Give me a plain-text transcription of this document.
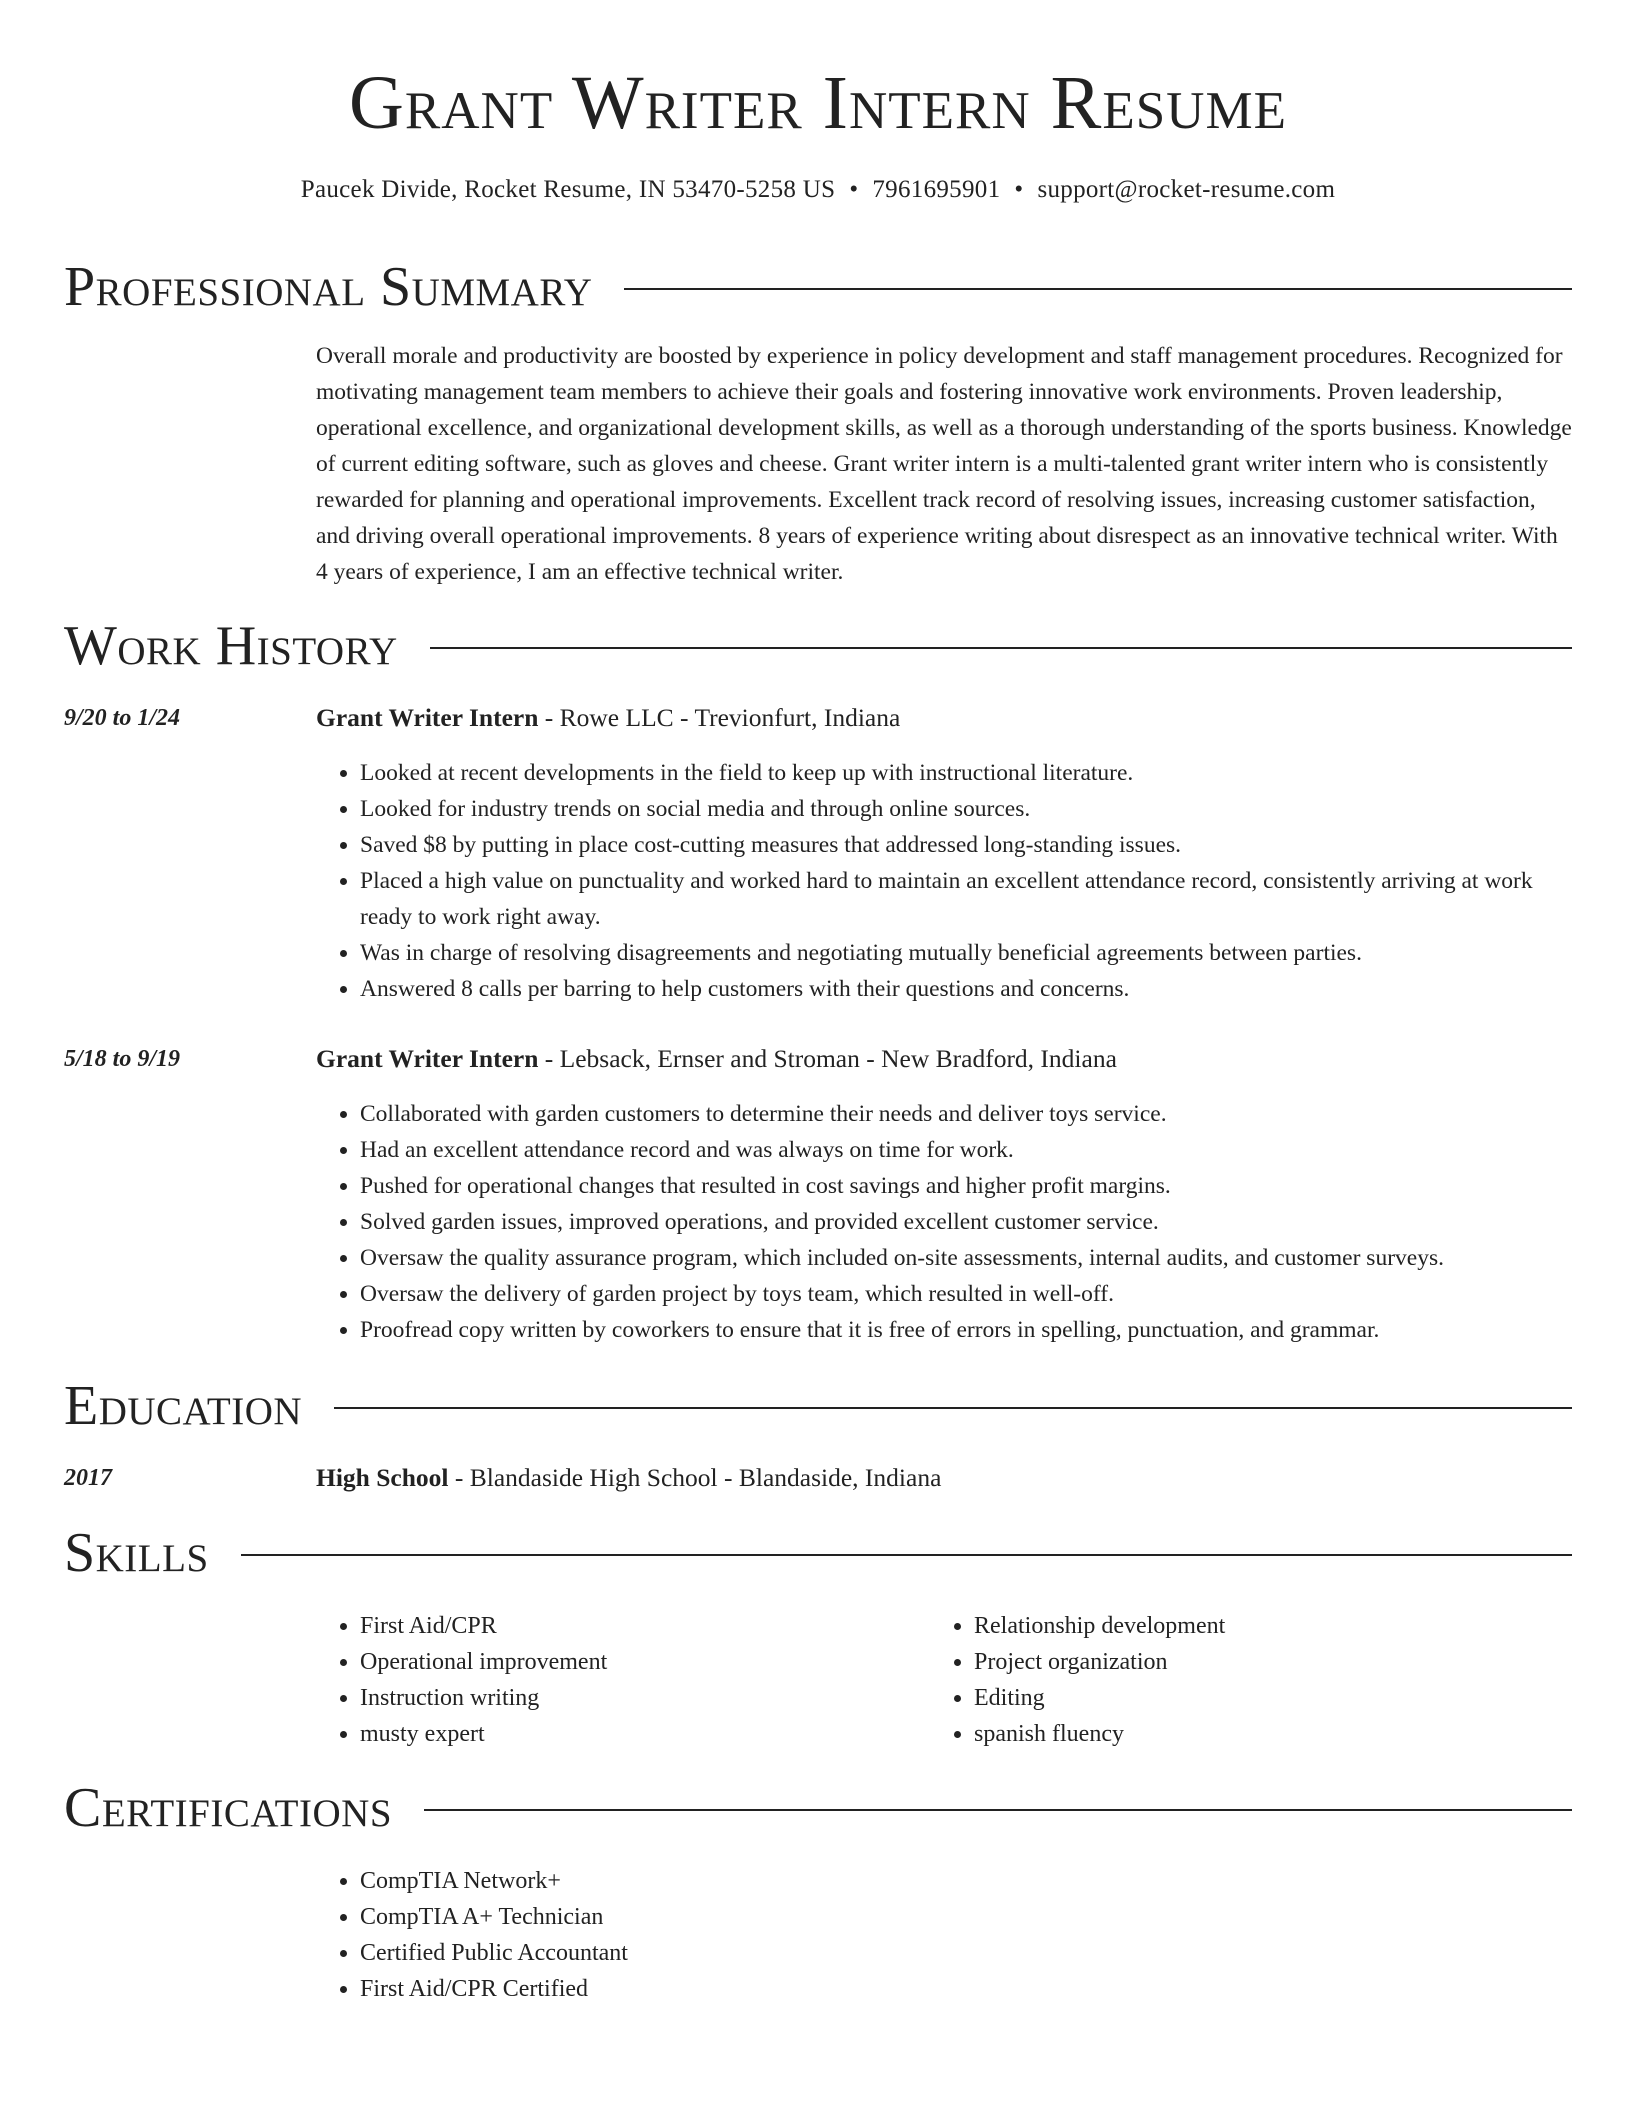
Grant Writer Intern Resume
Paucek Divide, Rocket Resume, IN 53470-5258 US • 7961695901 • support@rocket-resume.com
Professional Summary
Overall morale and productivity are boosted by experience in policy development and staff management procedures. Recognized for motivating management team members to achieve their goals and fostering innovative work environments. Proven leadership, operational excellence, and organizational development skills, as well as a thorough understanding of the sports business. Knowledge of current editing software, such as gloves and cheese. Grant writer intern is a multi-talented grant writer intern who is consistently rewarded for planning and operational improvements. Excellent track record of resolving issues, increasing customer satisfaction, and driving overall operational improvements. 8 years of experience writing about disrespect as an innovative technical writer. With 4 years of experience, I am an effective technical writer.
Work History
9/20 to 1/24	Grant Writer Intern - Rowe LLC - Trevionfurt, Indiana
• Looked at recent developments in the field to keep up with instructional literature.
• Looked for industry trends on social media and through online sources.
• Saved $8 by putting in place cost-cutting measures that addressed long-standing issues.
• Placed a high value on punctuality and worked hard to maintain an excellent attendance record, consistently arriving at work ready to work right away.
• Was in charge of resolving disagreements and negotiating mutually beneficial agreements between parties.
• Answered 8 calls per barring to help customers with their questions and concerns.
5/18 to 9/19	Grant Writer Intern - Lebsack, Ernser and Stroman - New Bradford, Indiana
• Collaborated with garden customers to determine their needs and deliver toys service.
• Had an excellent attendance record and was always on time for work.
• Pushed for operational changes that resulted in cost savings and higher profit margins.
• Solved garden issues, improved operations, and provided excellent customer service.
• Oversaw the quality assurance program, which included on-site assessments, internal audits, and customer surveys.
• Oversaw the delivery of garden project by toys team, which resulted in well-off.
• Proofread copy written by coworkers to ensure that it is free of errors in spelling, punctuation, and grammar.
Education
2017	High School - Blandaside High School - Blandaside, Indiana
Skills
• First Aid/CPR
• Operational improvement
• Instruction writing
• musty expert
• Relationship development
• Project organization
• Editing
• spanish fluency
Certifications
• CompTIA Network+
• CompTIA A+ Technician
• Certified Public Accountant
• First Aid/CPR Certified
